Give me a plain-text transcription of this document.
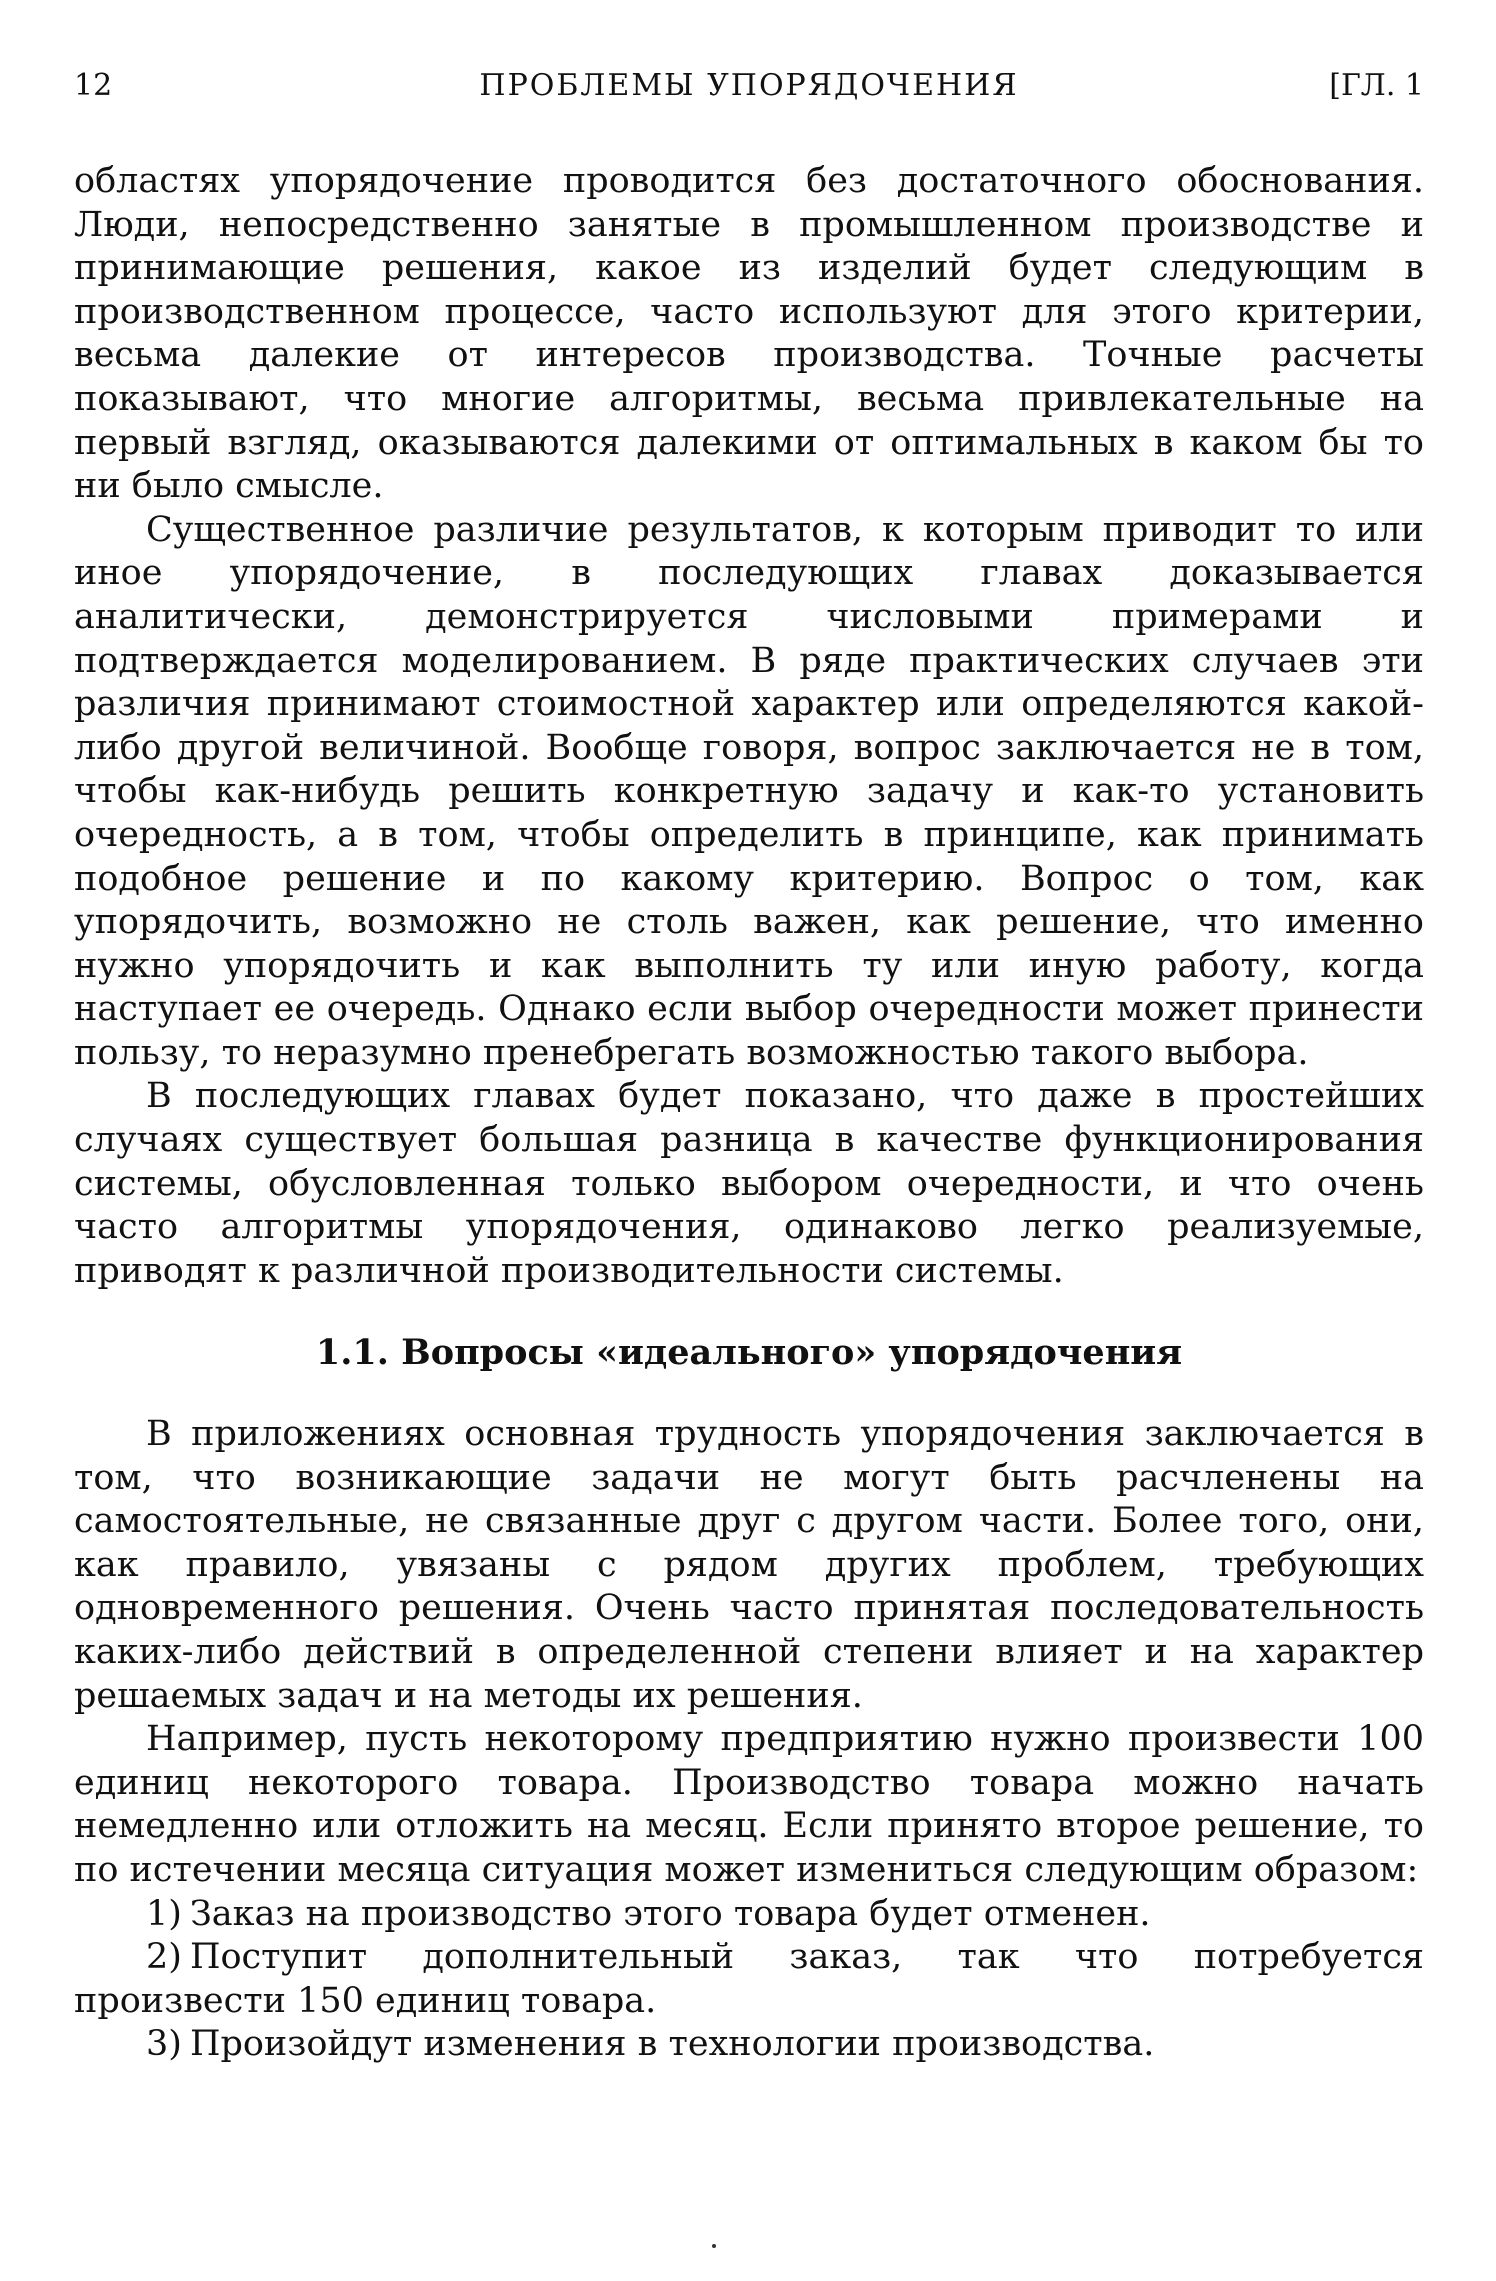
12	ПРОБЛЕМЫ УПОРЯДОЧЕНИЯ	[ГЛ. 1

областях упорядочение проводится без достаточного обоснования. Люди, непосредственно занятые в промышленном производстве и принимающие решения, какое из изделий будет следующим в производственном процессе, часто используют для этого критерии, весьма далекие от интересов производства. Точные расчеты показывают, что многие алгоритмы, весьма привлекательные на первый взгляд, оказываются далекими от оптимальных в каком бы то ни было смысле.

Существенное различие результатов, к которым приводит то или иное упорядочение, в последующих главах доказывается аналитически, демонстрируется числовыми примерами и подтверждается моделированием. В ряде практических случаев эти различия принимают стоимостной характер или определяются какой-либо другой величиной. Вообще говоря, вопрос заключается не в том, чтобы как-нибудь решить конкретную задачу и как-то установить очередность, а в том, чтобы определить в принципе, как принимать подобное решение и по какому критерию. Вопрос о том, как упорядочить, возможно не столь важен, как решение, что именно нужно упорядочить и как выполнить ту или иную работу, когда наступает ее очередь. Однако если выбор очередности может принести пользу, то неразумно пренебрегать возможностью такого выбора.

В последующих главах будет показано, что даже в простейших случаях существует большая разница в качестве функционирования системы, обусловленная только выбором очередности, и что очень часто алгоритмы упорядочения, одинаково легко реализуемые, приводят к различной производительности системы.

1.1. Вопросы «идеального» упорядочения

В приложениях основная трудность упорядочения заключается в том, что возникающие задачи не могут быть расчленены на самостоятельные, не связанные друг с другом части. Более того, они, как правило, увязаны с рядом других проблем, требующих одновременного решения. Очень часто принятая последовательность каких-либо действий в определенной степени влияет и на характер решаемых задач и на методы их решения.

Например, пусть некоторому предприятию нужно произвести 100 единиц некоторого товара. Производство товара можно начать немедленно или отложить на месяц. Если принято второе решение, то по истечении месяца ситуация может измениться следующим образом:

1) Заказ на производство этого товара будет отменен.

2) Поступит дополнительный заказ, так что потребуется произвести 150 единиц товара.

3) Произойдут изменения в технологии производства.
